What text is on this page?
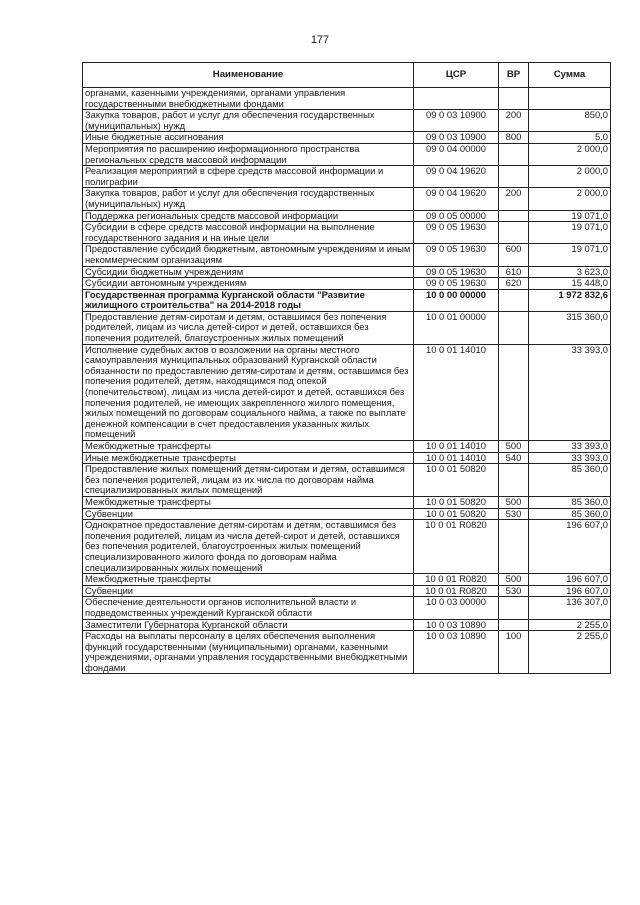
177
Наименование	ЦСР	ВР	Сумма
органами, казенными учреждениями, органами управления государственными внебюджетными фондами			
Закупка товаров, работ и услуг для обеспечения государственных (муниципальных) нужд	09 0 03 10900	200	850,0
Иные бюджетные ассигнования	09 0 03 10900	800	5,0
Мероприятия по расширению информационного пространства региональных средств массовой информации	09 0 04 00000		2 000,0
Реализация мероприятий в сфере средств массовой информации и полиграфии	09 0 04 19620		2 000,0
Закупка товаров, работ и услуг для обеспечения государственных (муниципальных) нужд	09 0 04 19620	200	2 000,0
Поддержка региональных средств массовой информации	09 0 05 00000		19 071,0
Субсидии в сфере средств массовой информации на выполнение государственного задания и на иные цели	09 0 05 19630		19 071,0
Предоставление субсидий бюджетным, автономным учреждениям и иным некоммерческим организациям	09 0 05 19630	600	19 071,0
Субсидии бюджетным учреждениям	09 0 05 19630	610	3 623,0
Субсидии автономным учреждениям	09 0 05 19630	620	15 448,0
Государственная программа Курганской области "Развитие жилищного строительства" на 2014-2018 годы	10 0 00 00000		1 972 832,6
Предоставление детям-сиротам и детям, оставшимся без попечения родителей, лицам из числа детей-сирот и детей, оставшихся без попечения родителей, благоустроенных жилых помещений	10 0 01 00000		315 360,0
Исполнение судебных актов о возложении на органы местного самоуправления муниципальных образований Курганской области обязанности по предоставлению детям-сиротам и детям, оставшимся без попечения родителей, детям, находящимся под опекой (попечительством), лицам из числа детей-сирот и детей, оставшихся без попечения родителей, не имеющих закрепленного жилого помещения, жилых помещений по договорам социального найма, а также по выплате денежной компенсации в счет предоставления указанных жилых помещений	10 0 01 14010		33 393,0
Межбюджетные трансферты	10 0 01 14010	500	33 393,0
Иные межбюджетные трансферты	10 0 01 14010	540	33 393,0
Предоставление жилых помещений детям-сиротам и детям, оставшимся без попечения родителей, лицам из их числа по договорам найма специализированных жилых помещений	10 0 01 50820		85 360,0
Межбюджетные трансферты	10 0 01 50820	500	85 360,0
Субвенции	10 0 01 50820	530	85 360,0
Однократное предоставление детям-сиротам и детям, оставшимся без попечения родителей, лицам из числа детей-сирот и детей, оставшихся без попечения родителей, благоустроенных жилых помещений специализированного жилого фонда по договорам найма специализированных жилых помещений	10 0 01 R0820		196 607,0
Межбюджетные трансферты	10 0 01 R0820	500	196 607,0
Субвенции	10 0 01 R0820	530	196 607,0
Обеспечение деятельности органов исполнительной власти и подведомственных учреждений Курганской области	10 0 03 00000		136 307,0
Заместители Губернатора Курганской области	10 0 03 10890		2 255,0
Расходы на выплаты персоналу в целях обеспечения выполнения функций государственными (муниципальными) органами, казенными учреждениями, органами управления государственными внебюджетными фондами	10 0 03 10890	100	2 255,0
